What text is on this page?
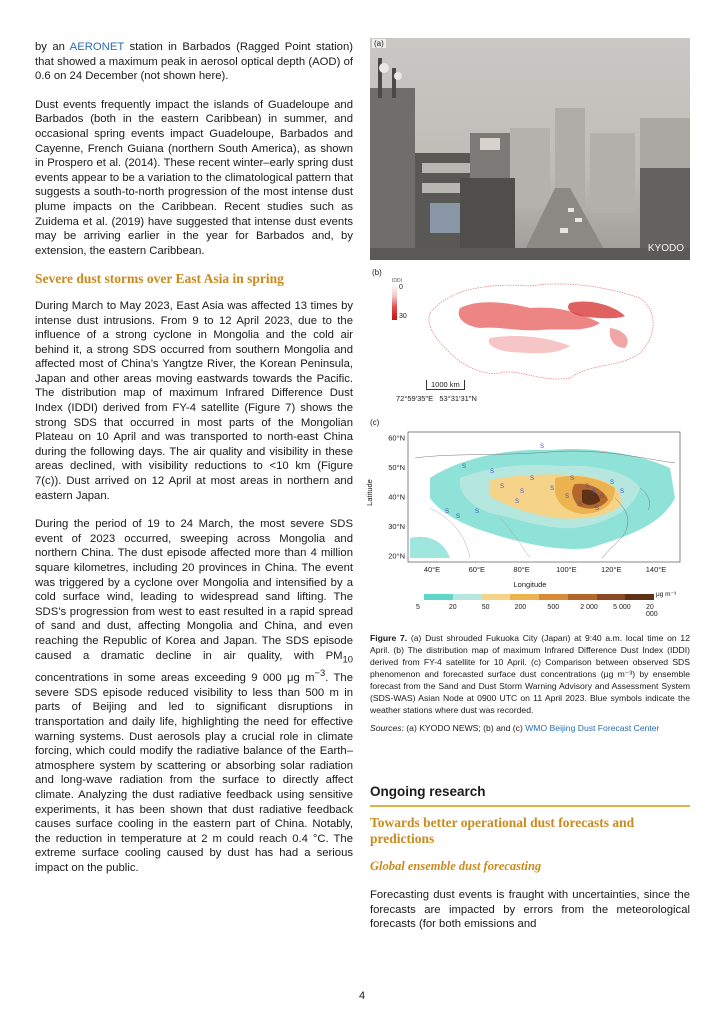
by an AERONET station in Barbados (Ragged Point station) that showed a maximum peak in aerosol optical depth (AOD) of 0.6 on 24 December (not shown here).

Dust events frequently impact the islands of Guadeloupe and Barbados (both in the eastern Caribbean) in summer, and occasional spring events impact Guadeloupe, Barbados and Cayenne, French Guiana (northern South America), as shown in Prospero et al. (2014). These recent winter–early spring dust events appear to be a variation to the climatological pattern that suggests a south-to-north progression of the most intense dust plume impacts on the Caribbean. Recent studies such as Zuidema et al. (2019) have suggested that intense dust events may be arriving earlier in the year for Barbados and, by extension, the eastern Caribbean.

Severe dust storms over East Asia in spring

During March to May 2023, East Asia was affected 13 times by intense dust intrusions. From 9 to 12 April 2023, due to the influence of a strong cyclone in Mongolia and the cold air behind it, a strong SDS occurred from southern Mongolia and affected most of China’s Yangtze River, the Korean Peninsula, Japan and other areas moving eastwards towards the Pacific. The distribution map of maximum Infrared Difference Dust Index (IDDI) derived from FY-4 satellite (Figure 7) shows the strong SDS that occurred in most parts of the Mongolian Plateau on 10 April and was transported to north-east China during the following days. The air quality and visibility in these areas declined, with visibility reductions to <10 km (Figure 7(c)). Dust arrived on 12 April at most areas in northern and eastern Japan.

During the period of 19 to 24 March, the most severe SDS event of 2023 occurred, sweeping across Mongolia and northern China. The dust episode affected more than 4 million square kilometres, including 20 provinces in China. The event was triggered by a cyclone over Mongolia and intensified by a cold surface wind, leading to widespread sand lifting. The SDS’s progression from west to east resulted in a rapid spread of sand and dust, affecting Mongolia and China, and even reaching the Republic of Korea and Japan. The SDS episode caused a dramatic decline in air quality, with $PM_{10}$ concentrations in some areas exceeding 9 000 μg $m^{-3}$. The severe SDS episode reduced visibility to less than 500 m in parts of Beijing and led to significant disruptions in transportation and daily life, highlighting the need for effective warning systems. Dust aerosols play a crucial role in climate forcing, which could modify the radiative balance of the Earth–atmosphere system by scattering or absorbing solar radiation and long-wave radiation from the surface to directly affect climate. Analyzing the dust radiative feedback using sensitive experiments, it has been shown that dust radiative feedback causes surface cooling in the eastern part of China. Notably, the reduction in temperature at 2 m could reach 0.4 °C. The extreme surface cooling caused by dust has had a serious impact on the public.

KYODO
(a)
(b)
IDDI
0
30
1000 km
72°59′35″E 53°31′31″N
(c)
Latitude
60°N
50°N
40°N
30°N
20°N
40°E	60°E	80°E	100°E	120°E	140°E
S
S
S
S
S
S
S
S
S
S
S
S
S
S
S
S
S
S
S
S
Longitude
μg m⁻³
5	20	50	200	500	2 000 5 000 20 000
Figure 7. (a) Dust shrouded Fukuoka City (Japan) at 9:40 a.m. local time on 12 April. (b) The distribution map of maximum Infrared Difference Dust Index (IDDI) derived from FY-4 satellite for 10 April. (c) Comparison between observed SDS phenomenon and forecasted surface dust concentrations (μg m⁻³) by ensemble forecast from the Sand and Dust Storm Warning Advisory and Assessment System (SDS-WAS) Asian Node at 0900 UTC on 11 April 2023. Blue symbols indicate the weather stations where dust was recorded.
Sources: (a) KYODO NEWS; (b) and (c) WMO Beijing Dust Forecast Center
Ongoing research
Towards better operational dust forecasts and predictions
Global ensemble dust forecasting

Forecasting dust events is fraught with uncertainties, since the forecasts are impacted by errors from the meteorological forecasts (for both emissions and

4
